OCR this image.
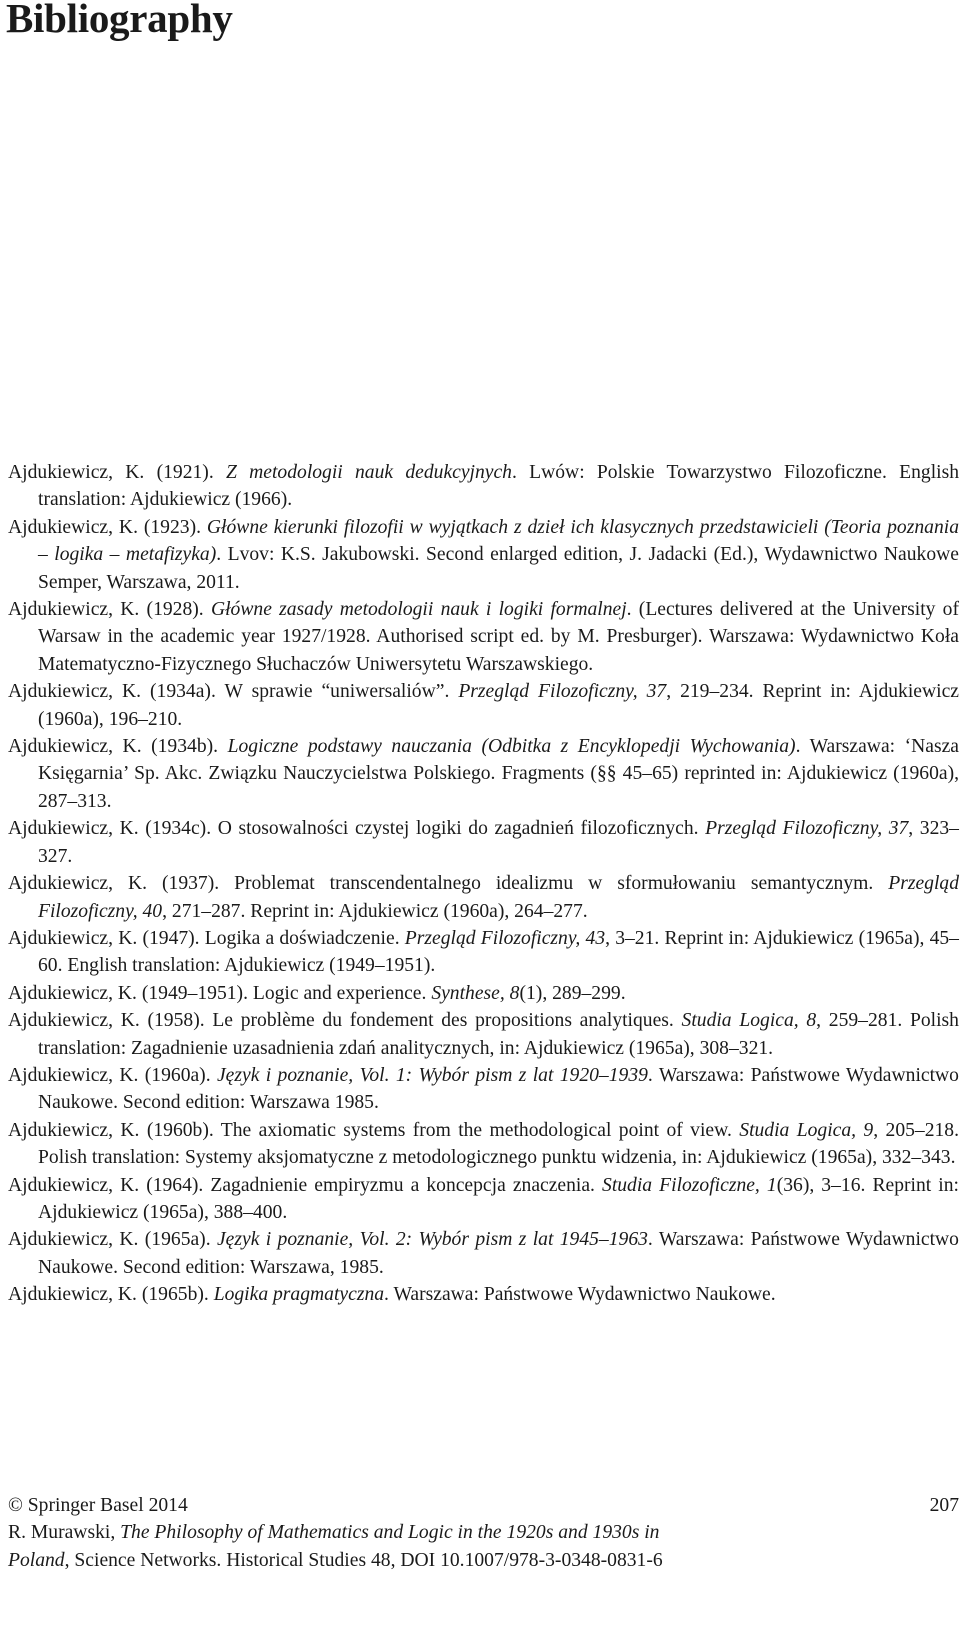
Bibliography

Ajdukiewicz, K. (1921). Z metodologii nauk dedukcyjnych. Lwów: Polskie Towarzystwo Filozoficzne. English translation: Ajdukiewicz (1966).

Ajdukiewicz, K. (1923). Główne kierunki filozofii w wyjątkach z dzieł ich klasycznych przedstawicieli (Teoria poznania – logika – metafizyka). Lvov: K.S. Jakubowski. Second enlarged edition, J. Jadacki (Ed.), Wydawnictwo Naukowe Semper, Warszawa, 2011.

Ajdukiewicz, K. (1928). Główne zasady metodologii nauk i logiki formalnej. (Lectures delivered at the University of Warsaw in the academic year 1927/1928. Authorised script ed. by M. Presburger). Warszawa: Wydawnictwo Koła Matematyczno-Fizycznego Słuchaczów Uniwersytetu Warszawskiego.

Ajdukiewicz, K. (1934a). W sprawie “uniwersaliów”. Przegląd Filozoficzny, 37, 219–234. Reprint in: Ajdukiewicz (1960a), 196–210.

Ajdukiewicz, K. (1934b). Logiczne podstawy nauczania (Odbitka z Encyklopedji Wychowania). Warszawa: ‘Nasza Księgarnia’ Sp. Akc. Związku Nauczycielstwa Polskiego. Fragments (§§ 45–65) reprinted in: Ajdukiewicz (1960a), 287–313.

Ajdukiewicz, K. (1934c). O stosowalności czystej logiki do zagadnień filozoficznych. Przegląd Filozoficzny, 37, 323–327.

Ajdukiewicz, K. (1937). Problemat transcendentalnego idealizmu w sformułowaniu semantycznym. Przegląd Filozoficzny, 40, 271–287. Reprint in: Ajdukiewicz (1960a), 264–277.

Ajdukiewicz, K. (1947). Logika a doświadczenie. Przegląd Filozoficzny, 43, 3–21. Reprint in: Ajdukiewicz (1965a), 45–60. English translation: Ajdukiewicz (1949–1951).

Ajdukiewicz, K. (1949–1951). Logic and experience. Synthese, 8(1), 289–299.

Ajdukiewicz, K. (1958). Le problème du fondement des propositions analytiques. Studia Logica, 8, 259–281. Polish translation: Zagadnienie uzasadnienia zdań analitycznych, in: Ajdukiewicz (1965a), 308–321.

Ajdukiewicz, K. (1960a). Język i poznanie, Vol. 1: Wybór pism z lat 1920–1939. Warszawa: Państwowe Wydawnictwo Naukowe. Second edition: Warszawa 1985.

Ajdukiewicz, K. (1960b). The axiomatic systems from the methodological point of view. Studia Logica, 9, 205–218. Polish translation: Systemy aksjomatyczne z metodologicznego punktu widzenia, in: Ajdukiewicz (1965a), 332–343.

Ajdukiewicz, K. (1964). Zagadnienie empiryzmu a koncepcja znaczenia. Studia Filozoficzne, 1(36), 3–16. Reprint in: Ajdukiewicz (1965a), 388–400.

Ajdukiewicz, K. (1965a). Język i poznanie, Vol. 2: Wybór pism z lat 1945–1963. Warszawa: Państwowe Wydawnictwo Naukowe. Second edition: Warszawa, 1985.

Ajdukiewicz, K. (1965b). Logika pragmatyczna. Warszawa: Państwowe Wydawnictwo Naukowe.

© Springer Basel 2014	207
R. Murawski, The Philosophy of Mathematics and Logic in the 1920s and 1930s in
Poland, Science Networks. Historical Studies 48, DOI 10.1007/978-3-0348-0831-6
